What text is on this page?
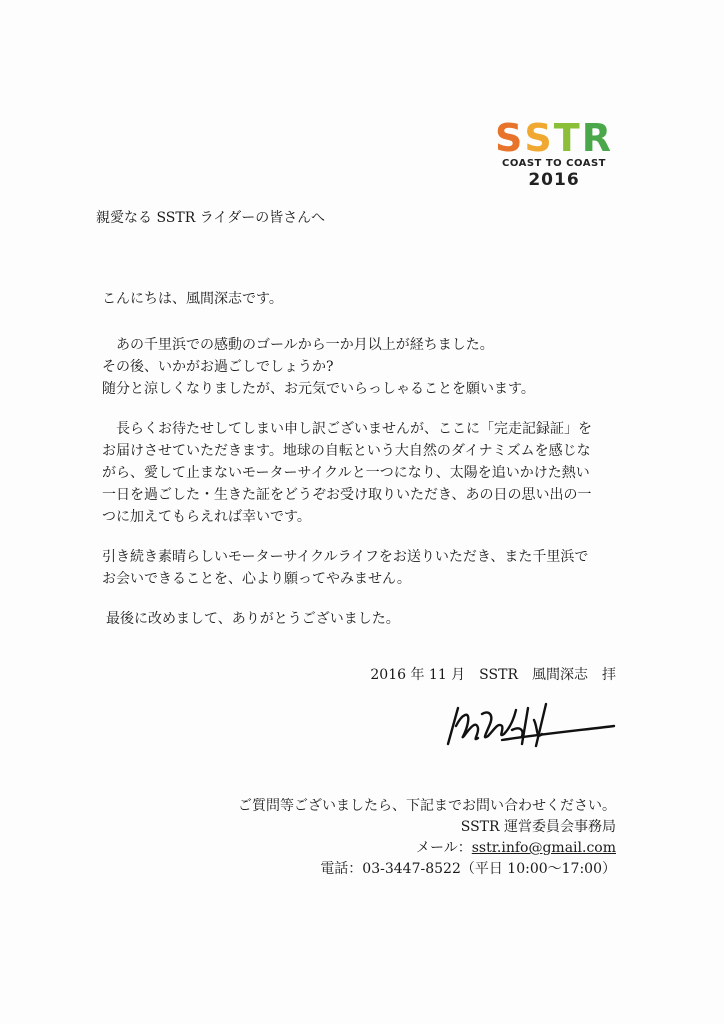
SSTR
COAST TO COAST
2016
親愛なる SSTR ライダーの皆さんへ

こんにちは、風間深志です。

あの千里浜での感動のゴールから一か月以上が経ちました。

その後、いかがお過ごしでしょうか?

随分と涼しくなりましたが、お元気でいらっしゃることを願います。

長らくお待たせしてしまい申し訳ございませんが、ここに「完走記録証」を

お届けさせていただきます。地球の自転という大自然のダイナミズムを感じな

がら、愛して止まないモーターサイクルと一つになり、太陽を追いかけた熱い

一日を過ごした・生きた証をどうぞお受け取りいただき、あの日の思い出の一

つに加えてもらえれば幸いです。

引き続き素晴らしいモーターサイクルライフをお送りいただき、また千里浜で

お会いできることを、心より願ってやみません。

最後に改めまして、ありがとうございました。

2016 年 11 月　SSTR　風間深志　拝
ご質問等ございましたら、下記までお問い合わせください。
SSTR 運営委員会事務局
メール：sstr.info@gmail.com
電話：03-3447-8522（平日 10:00～17:00）
